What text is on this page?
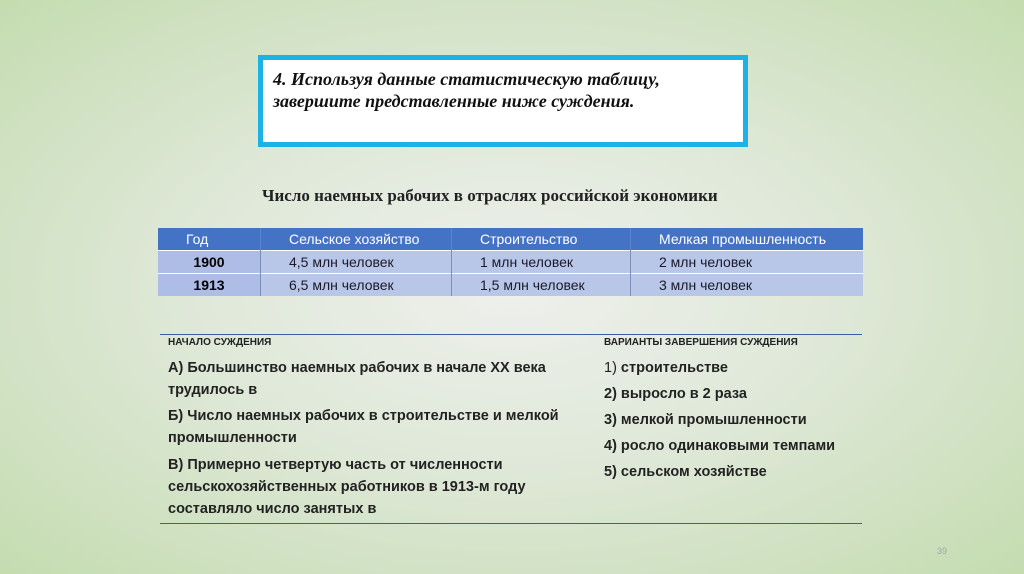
4. Используя данные статистическую таблицу,
завершите представленные ниже суждения.

Число наемных рабочих в отраслях российской экономики
Год	Сельское хозяйство	Строительство	Мелкая промышленность
1900	4,5 млн человек	1 млн человек	2 млн человек
1913	6,5 млн человек	1,5 млн человек	3 млн человек
НАЧАЛО СУЖДЕНИЯ	ВАРИАНТЫ ЗАВЕРШЕНИЯ СУЖДЕНИЯ
А) Большинство наемных рабочих в начале XX века
трудилось в
Б) Число наемных рабочих в строительстве и мелкой
промышленности
В) Примерно четвертую часть от численности
сельскохозяйственных работников в 1913-м году
составляло число занятых в
1) строительстве
2) выросло в 2 раза
3) мелкой промышленности
4) росло одинаковыми темпами
5) сельском хозяйстве
39
